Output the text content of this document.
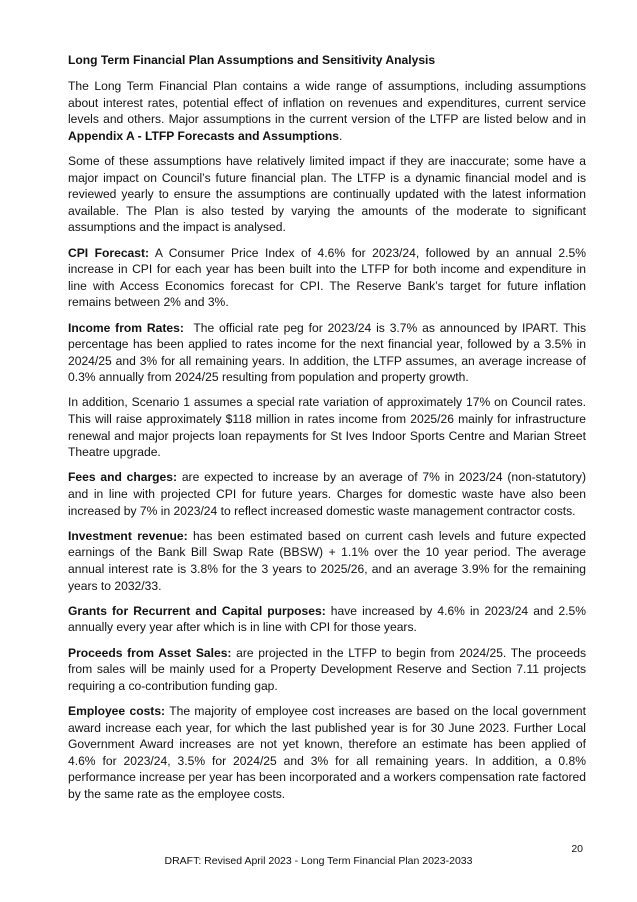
Long Term Financial Plan Assumptions and Sensitivity Analysis

The Long Term Financial Plan contains a wide range of assumptions, including assumptions about interest rates, potential effect of inflation on revenues and expenditures, current service levels and others. Major assumptions in the current version of the LTFP are listed below and in Appendix A - LTFP Forecasts and Assumptions.

Some of these assumptions have relatively limited impact if they are inaccurate; some have a major impact on Council’s future financial plan. The LTFP is a dynamic financial model and is reviewed yearly to ensure the assumptions are continually updated with the latest information available. The Plan is also tested by varying the amounts of the moderate to significant assumptions and the impact is analysed.

CPI Forecast: A Consumer Price Index of 4.6% for 2023/24, followed by an annual 2.5% increase in CPI for each year has been built into the LTFP for both income and expenditure in line with Access Economics forecast for CPI. The Reserve Bank’s target for future inflation remains between 2% and 3%.

Income from Rates:  The official rate peg for 2023/24 is 3.7% as announced by IPART. This percentage has been applied to rates income for the next financial year, followed by a 3.5% in 2024/25 and 3% for all remaining years. In addition, the LTFP assumes, an average increase of 0.3% annually from 2024/25 resulting from population and property growth.

In addition, Scenario 1 assumes a special rate variation of approximately 17% on Council rates. This will raise approximately $118 million in rates income from 2025/26 mainly for infrastructure renewal and major projects loan repayments for St Ives Indoor Sports Centre and Marian Street Theatre upgrade.

Fees and charges: are expected to increase by an average of 7% in 2023/24 (non-statutory) and in line with projected CPI for future years. Charges for domestic waste have also been increased by 7% in 2023/24 to reflect increased domestic waste management contractor costs.

Investment revenue: has been estimated based on current cash levels and future expected earnings of the Bank Bill Swap Rate (BBSW) + 1.1% over the 10 year period. The average annual interest rate is 3.8% for the 3 years to 2025/26, and an average 3.9% for the remaining years to 2032/33.

Grants for Recurrent and Capital purposes: have increased by 4.6% in 2023/24 and 2.5% annually every year after which is in line with CPI for those years.

Proceeds from Asset Sales: are projected in the LTFP to begin from 2024/25. The proceeds from sales will be mainly used for a Property Development Reserve and Section 7.11 projects requiring a co-contribution funding gap.

Employee costs: The majority of employee cost increases are based on the local government award increase each year, for which the last published year is for 30 June 2023. Further Local Government Award increases are not yet known, therefore an estimate has been applied of 4.6% for 2023/24, 3.5% for 2024/25 and 3% for all remaining years. In addition, a 0.8% performance increase per year has been incorporated and a workers compensation rate factored by the same rate as the employee costs.

20
DRAFT: Revised April 2023 - Long Term Financial Plan 2023-2033
